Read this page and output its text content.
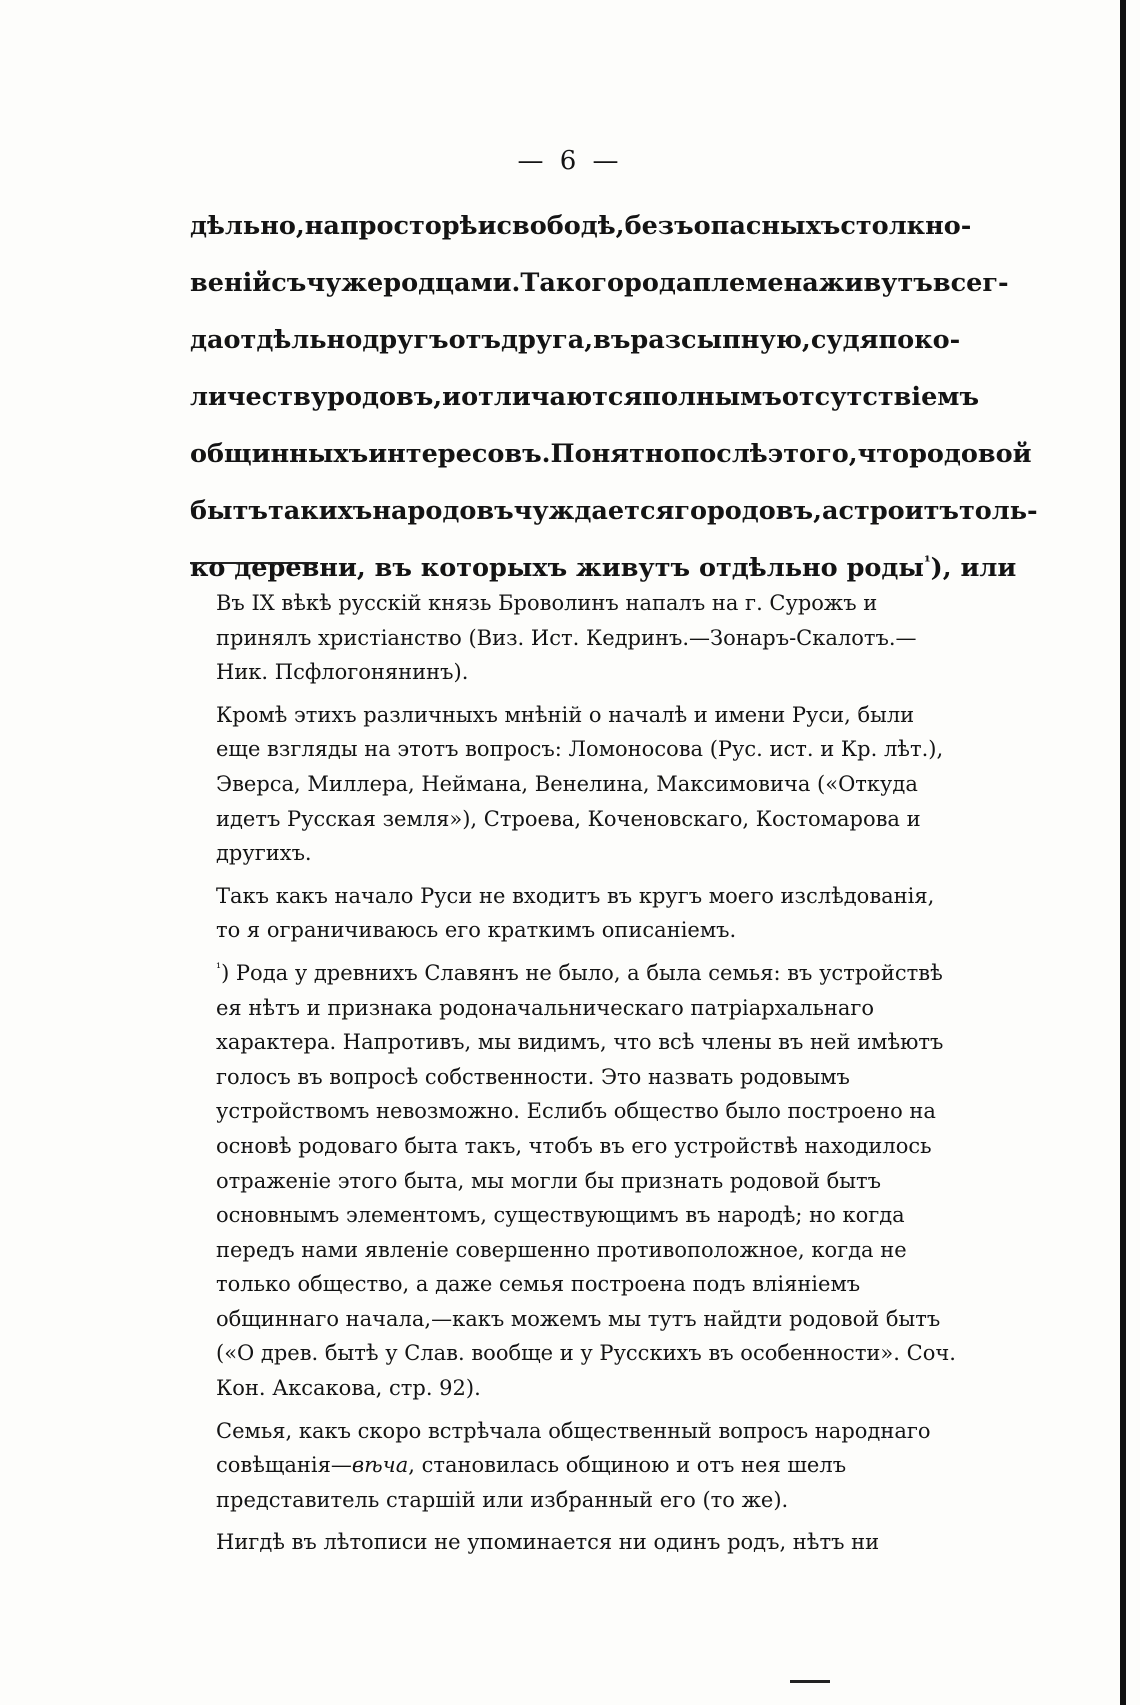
— 6 —
дѣльно, на просторѣ и свободѣ, безъ опасныхъ столкно-
веній съ чужеродцами. Такого рода племена живутъ всег-
да отдѣльно другъ отъ друга, въ разсыпную, судя по ко-
личеству родовъ, и отличаются полнымъ отсутствіемъ
общинныхъ интересовъ. Понятно послѣ этого, что родовой
бытъ такихъ народовъ чуждается городовъ, а строитъ толь-
ко деревни, въ которыхъ живутъ отдѣльно роды $^{^1}$), или
Въ IX вѣкѣ русскій князь Броволинъ напалъ на г. Сурожъ и принялъ христіанство (Виз. Ист. Кедринъ.—Зонаръ-Скалотъ.— Ник. Псфлогонянинъ).
Кромѣ этихъ различныхъ мнѣній о началѣ и имени Руси, были еще взгляды на этотъ вопросъ: Ломоносова (Рус. ист. и Кр. лѣт.), Эверса, Миллера, Неймана, Венелина, Максимовича («Откуда идетъ Русская земля»), Строева, Коченовскаго, Костомарова и другихъ.
Такъ какъ начало Руси не входитъ въ кругъ моего изслѣдованія, то я ограничиваюсь его краткимъ описаніемъ.
$^{^1}$) Рода у древнихъ Славянъ не было, а была семья: въ устройствѣ ея нѣтъ и признака родоначальническаго патріархальнаго характера. Напротивъ, мы видимъ, что всѣ члены въ ней имѣютъ голосъ въ вопросѣ собственности. Это назвать родовымъ устройствомъ невозможно. Еслибъ общество было построено на основѣ родоваго быта такъ, чтобъ въ его устройствѣ находилось отраженіе этого быта, мы могли бы признать родовой бытъ основнымъ элементомъ, существующимъ въ народѣ; но когда передъ нами явленіе совершенно противоположное, когда не только общество, а даже семья построена подъ вліяніемъ общиннаго начала,—какъ можемъ мы тутъ найдти родовой бытъ («О древ. бытѣ у Слав. вообще и у Русскихъ въ особенности». Соч. Кон. Аксакова, стр. 92).
Семья, какъ скоро встрѣчала общественный вопросъ народнаго совѣщанія—вѣча, становилась общиною и отъ нея шелъ представитель старшій или избранный его (то же).
Нигдѣ въ лѣтописи не упоминается ни одинъ родъ, нѣтъ ни
